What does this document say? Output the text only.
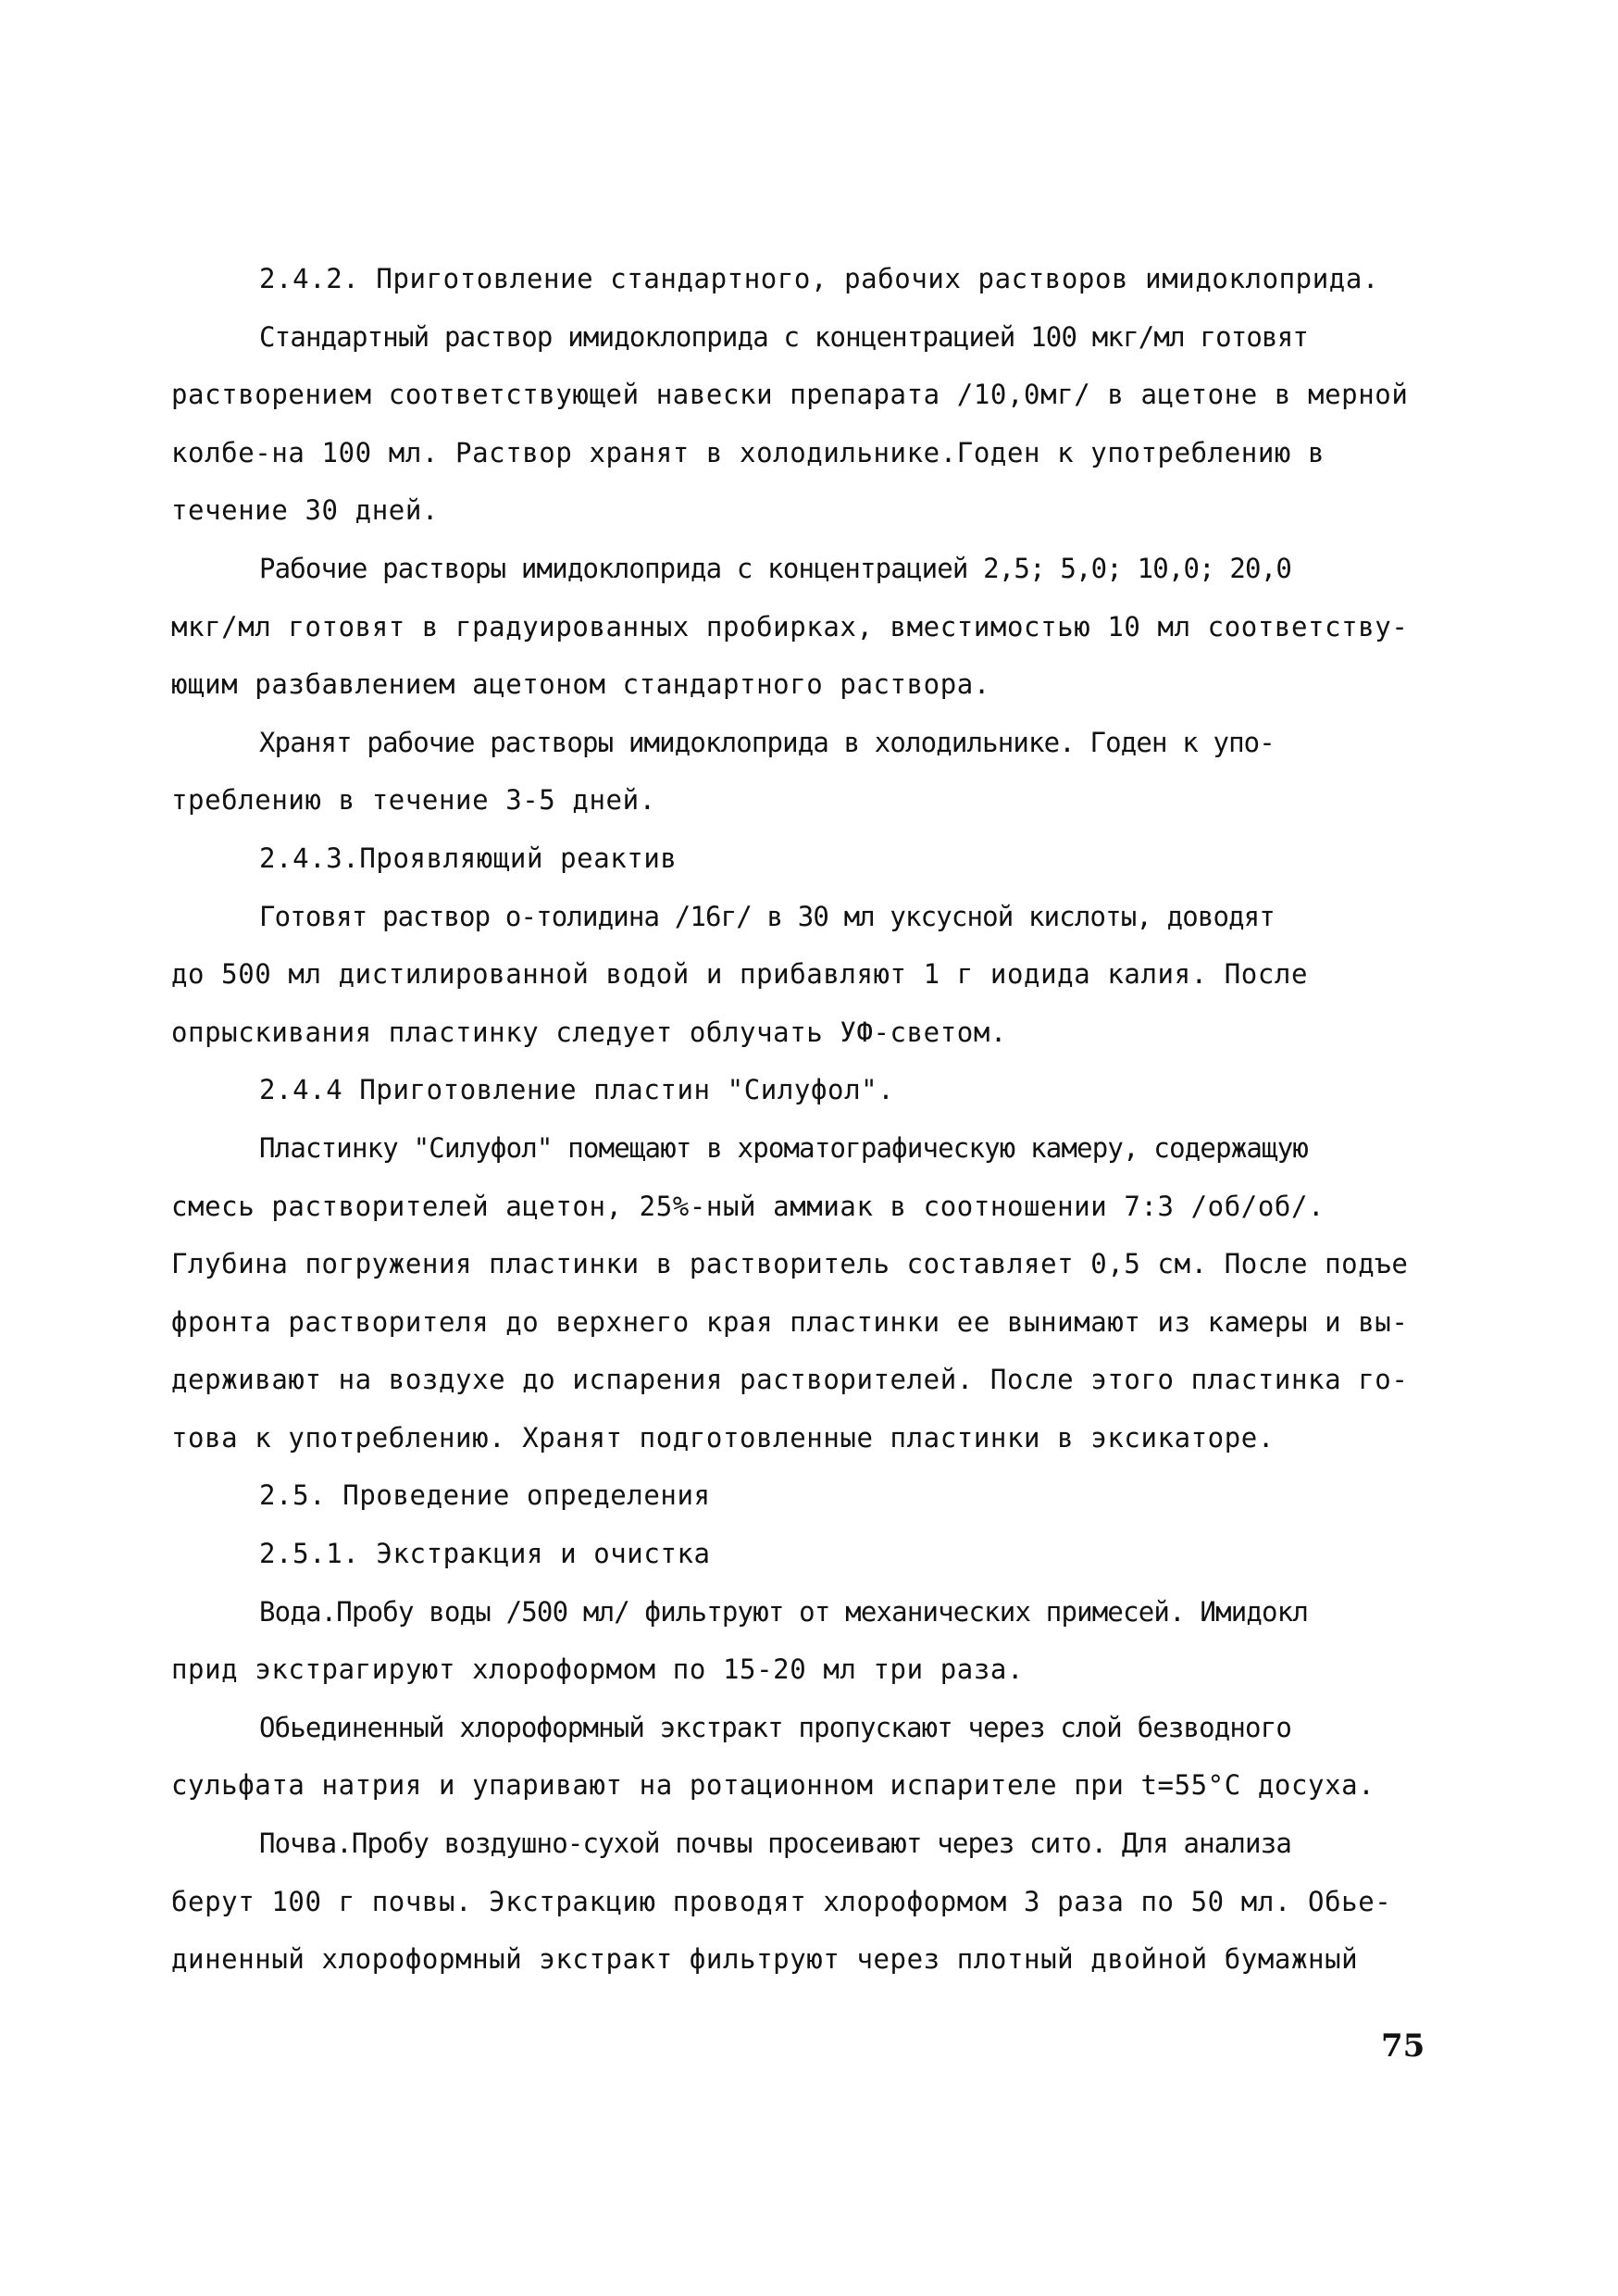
2.4.2. Приготовление стандартного, рабочих растворов имидоклоприда.
Стандартный раствор имидоклоприда с концентрацией 100 мкг/мл готовят
растворением соответствующей навески препарата /10,0мг/ в ацетоне в мерной
колбе-на 100 мл. Раствор хранят в холодильнике.Годен к употреблению в
течение 30 дней.
Рабочие растворы имидоклоприда с концентрацией 2,5; 5,0; 10,0; 20,0
мкг/мл готовят в градуированных пробирках, вместимостью 10 мл соответству-
ющим разбавлением ацетоном стандартного раствора.
Хранят рабочие растворы имидоклоприда в холодильнике. Годен к упо-
треблению в течение 3-5 дней.
2.4.3.Проявляющий реактив
Готовят раствор о-толидина /16г/ в 30 мл уксусной кислоты, доводят
до 500 мл дистилированной водой и прибавляют 1 г иодида калия. После
опрыскивания пластинку следует облучать УФ-светом.
2.4.4 Приготовление пластин "Силуфол".
Пластинку "Силуфол" помещают в хроматографическую камеру, содержащую
смесь растворителей ацетон, 25%-ный аммиак в соотношении 7:3 /об/об/.
Глубина погружения пластинки в растворитель составляет 0,5 см. После подъе
фронта растворителя до верхнего края пластинки ее вынимают из камеры и вы-
держивают на воздухе до испарения растворителей. После этого пластинка го-
това к употреблению. Хранят подготовленные пластинки в эксикаторе.
2.5. Проведение определения
2.5.1. Экстракция и очистка
Вода.Пробу воды /500 мл/ фильтруют от механических примесей. Имидокл
прид экстрагируют хлороформом по 15-20 мл три раза.
Обьединенный хлороформный экстракт пропускают через слой безводного
сульфата натрия и упаривают на ротационном испарителе при t=55°С досуха.
Почва.Пробу воздушно-сухой почвы просеивают через сито. Для анализа
берут 100 г почвы. Экстракцию проводят хлороформом 3 раза по 50 мл. Обье-
диненный хлороформный экстракт фильтруют через плотный двойной бумажный
75
